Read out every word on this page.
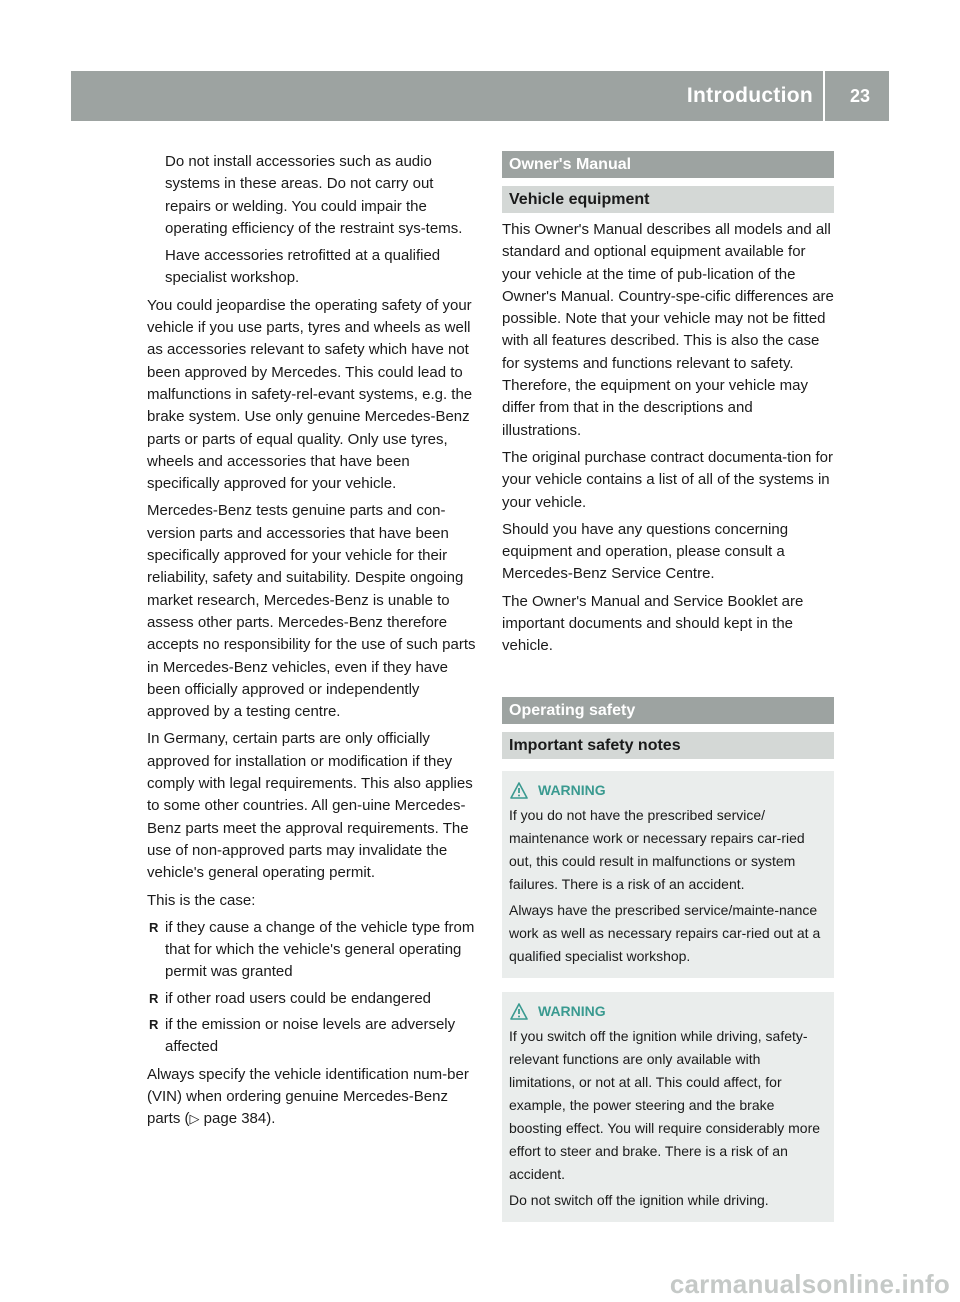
Introduction	23

Do not install accessories such as audio systems in these areas. Do not carry out repairs or welding. You could impair the operating efficiency of the restraint sys-tems.

Have accessories retrofitted at a qualified specialist workshop.

You could jeopardise the operating safety of your vehicle if you use parts, tyres and wheels as well as accessories relevant to safety which have not been approved by Mercedes. This could lead to malfunctions in safety-rel-evant systems, e.g. the brake system. Use only genuine Mercedes-Benz parts or parts of equal quality. Only use tyres, wheels and accessories that have been specifically approved for your vehicle.

Mercedes-Benz tests genuine parts and con-version parts and accessories that have been specifically approved for your vehicle for their reliability, safety and suitability. Despite ongoing market research, Mercedes-Benz is unable to assess other parts. Mercedes-Benz therefore accepts no responsibility for the use of such parts in Mercedes-Benz vehicles, even if they have been officially approved or independently approved by a testing centre.

In Germany, certain parts are only officially approved for installation or modification if they comply with legal requirements. This also applies to some other countries. All gen-uine Mercedes-Benz parts meet the approval requirements. The use of non-approved parts may invalidate the vehicle's general operating permit.

This is the case:

R if they cause a change of the vehicle type from that for which the vehicle's general operating permit was granted
R if other road users could be endangered
R if the emission or noise levels are adversely affected

Always specify the vehicle identification num-ber (VIN) when ordering genuine Mercedes-Benz parts (▷ page 384).

Owner's Manual
Vehicle equipment

This Owner's Manual describes all models and all standard and optional equipment available for your vehicle at the time of pub-lication of the Owner's Manual. Country-spe-cific differences are possible. Note that your vehicle may not be fitted with all features described. This is also the case for systems and functions relevant to safety. Therefore, the equipment on your vehicle may differ from that in the descriptions and illustrations.

The original purchase contract documenta-tion for your vehicle contains a list of all of the systems in your vehicle.

Should you have any questions concerning equipment and operation, please consult a Mercedes-Benz Service Centre.

The Owner's Manual and Service Booklet are important documents and should kept in the vehicle.

Operating safety
Important safety notes
WARNING

If you do not have the prescribed service/ maintenance work or necessary repairs car-ried out, this could result in malfunctions or system failures. There is a risk of an accident.

Always have the prescribed service/mainte-nance work as well as necessary repairs car-ried out at a qualified specialist workshop.

WARNING

If you switch off the ignition while driving, safety-relevant functions are only available with limitations, or not at all. This could affect, for example, the power steering and the brake boosting effect. You will require considerably more effort to steer and brake. There is a risk of an accident.

Do not switch off the ignition while driving.

carmanualsonline.info
